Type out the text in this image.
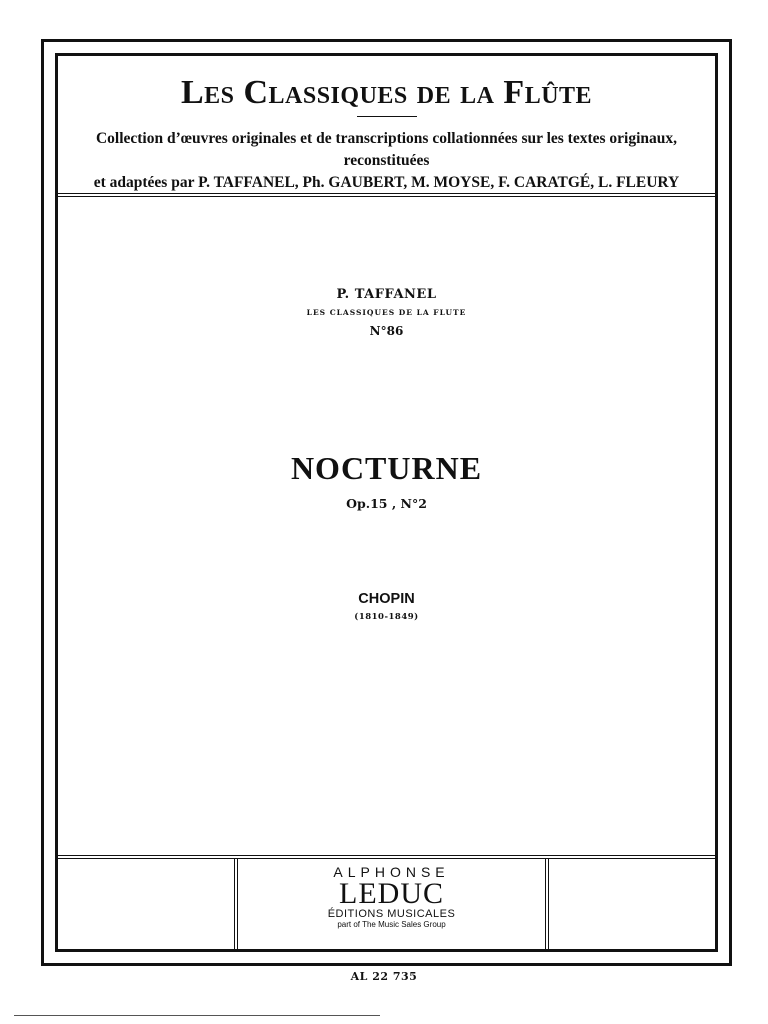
Les Classiques de la Flûte
Collection d’œuvres originales et de transcriptions collationnées sur les textes originaux, reconstituées
et adaptées par P. TAFFANEL, Ph. GAUBERT, M. MOYSE, F. CARATGÉ, L. FLEURY
P. TAFFANEL
LES CLASSIQUES DE LA FLUTE
N°86
NOCTURNE
Op.15 , N°2
CHOPIN
(1810-1849)
ALPHONSE
LEDUC
ÉDITIONS MUSICALES
part of The Music Sales Group
AL 22 735
